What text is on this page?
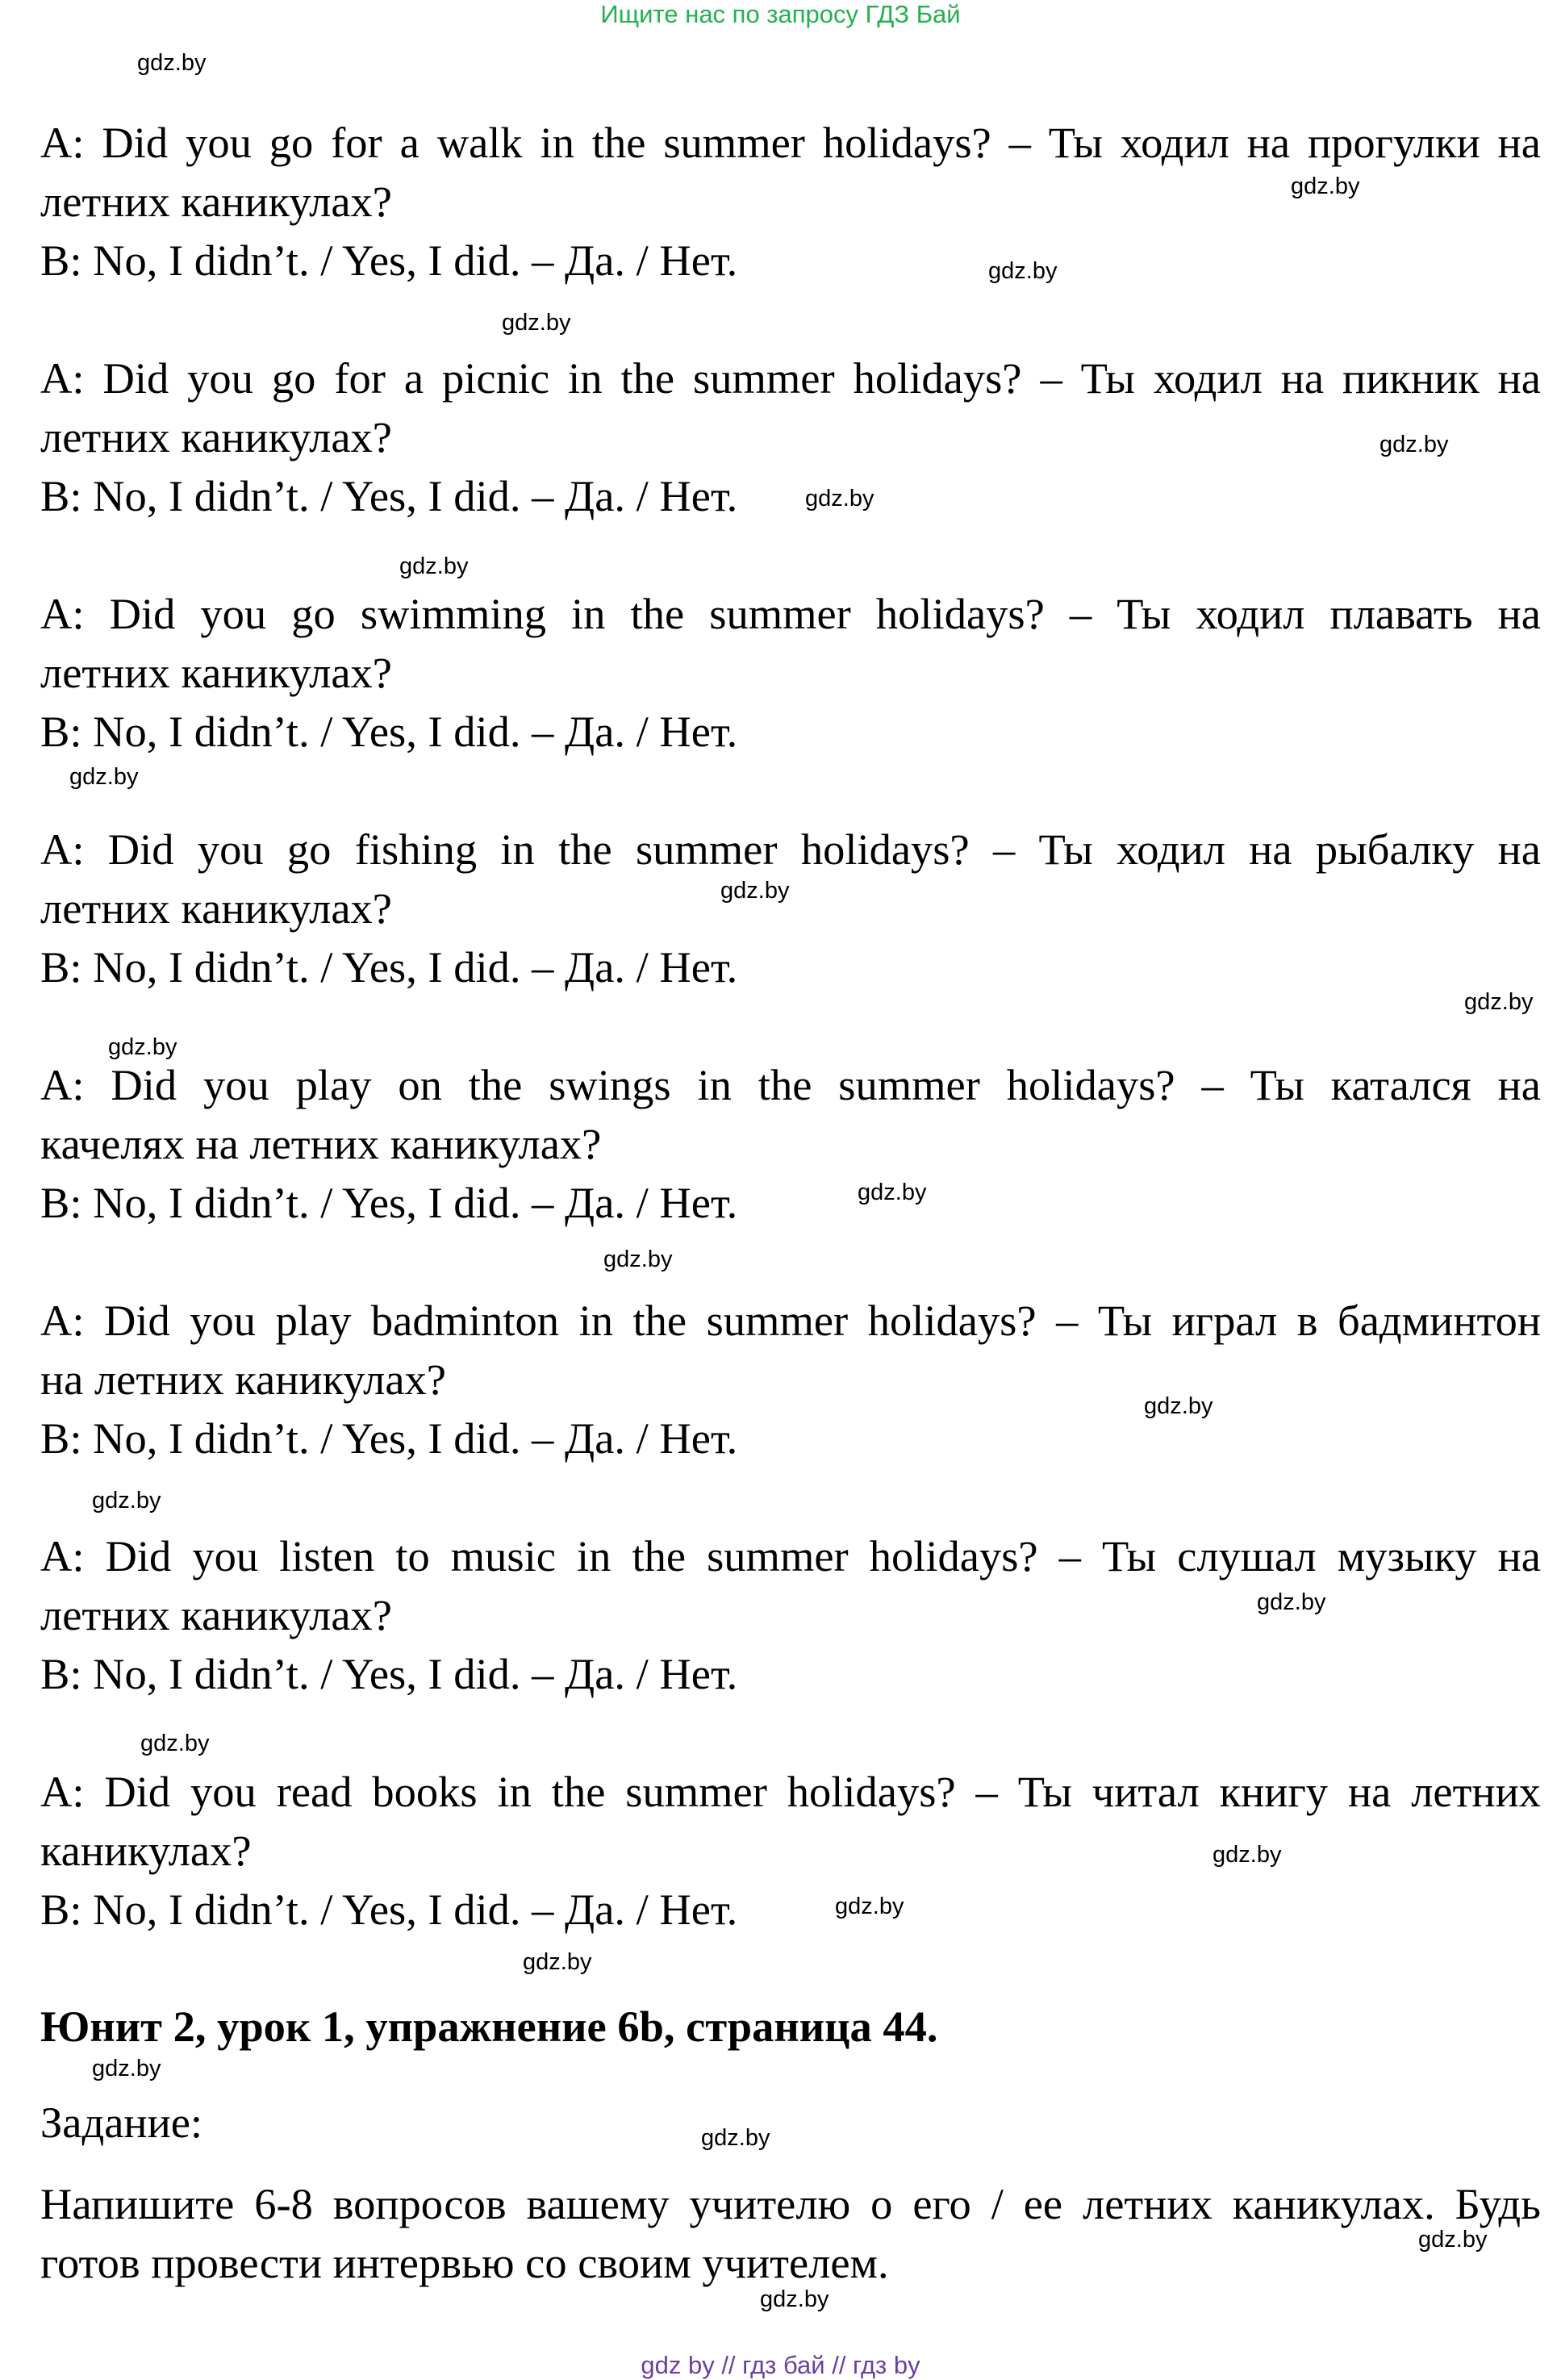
Ищите нас по запросу ГДЗ Бай
gdz.by
gdz.by
gdz.by
gdz.by
gdz.by
gdz.by
gdz.by
gdz.by
gdz.by
gdz.by
gdz.by
gdz.by
gdz.by
gdz.by
gdz.by
gdz.by
gdz.by
gdz.by
gdz.by
gdz.by
gdz.by
gdz.by
gdz.by
gdz.by
A: Did you go for a walk in the summer holidays? – Ты ходил на прогулки на
летних каникулах?
B: No, I didn’t. / Yes, I did. – Да. / Нет.
A: Did you go for a picnic in the summer holidays? – Ты ходил на пикник на
летних каникулах?
B: No, I didn’t. / Yes, I did. – Да. / Нет.
A: Did you go swimming in the summer holidays? – Ты ходил плавать на
летних каникулах?
B: No, I didn’t. / Yes, I did. – Да. / Нет.
A: Did you go fishing in the summer holidays? – Ты ходил на рыбалку на
летних каникулах?
B: No, I didn’t. / Yes, I did. – Да. / Нет.
A: Did you play on the swings in the summer holidays? – Ты катался на
качелях на летних каникулах?
B: No, I didn’t. / Yes, I did. – Да. / Нет.
A: Did you play badminton in the summer holidays? – Ты играл в бадминтон
на летних каникулах?
B: No, I didn’t. / Yes, I did. – Да. / Нет.
A: Did you listen to music in the summer holidays? – Ты слушал музыку на
летних каникулах?
B: No, I didn’t. / Yes, I did. – Да. / Нет.
A: Did you read books in the summer holidays? – Ты читал книгу на летних
каникулах?
B: No, I didn’t. / Yes, I did. – Да. / Нет.
Юнит 2, урок 1, упражнение 6b, страница 44.
Задание:
Напишите 6-8 вопросов вашему учителю о его / ее летних каникулах. Будь
готов провести интервью со своим учителем.
gdz by // гдз бай // гдз by
